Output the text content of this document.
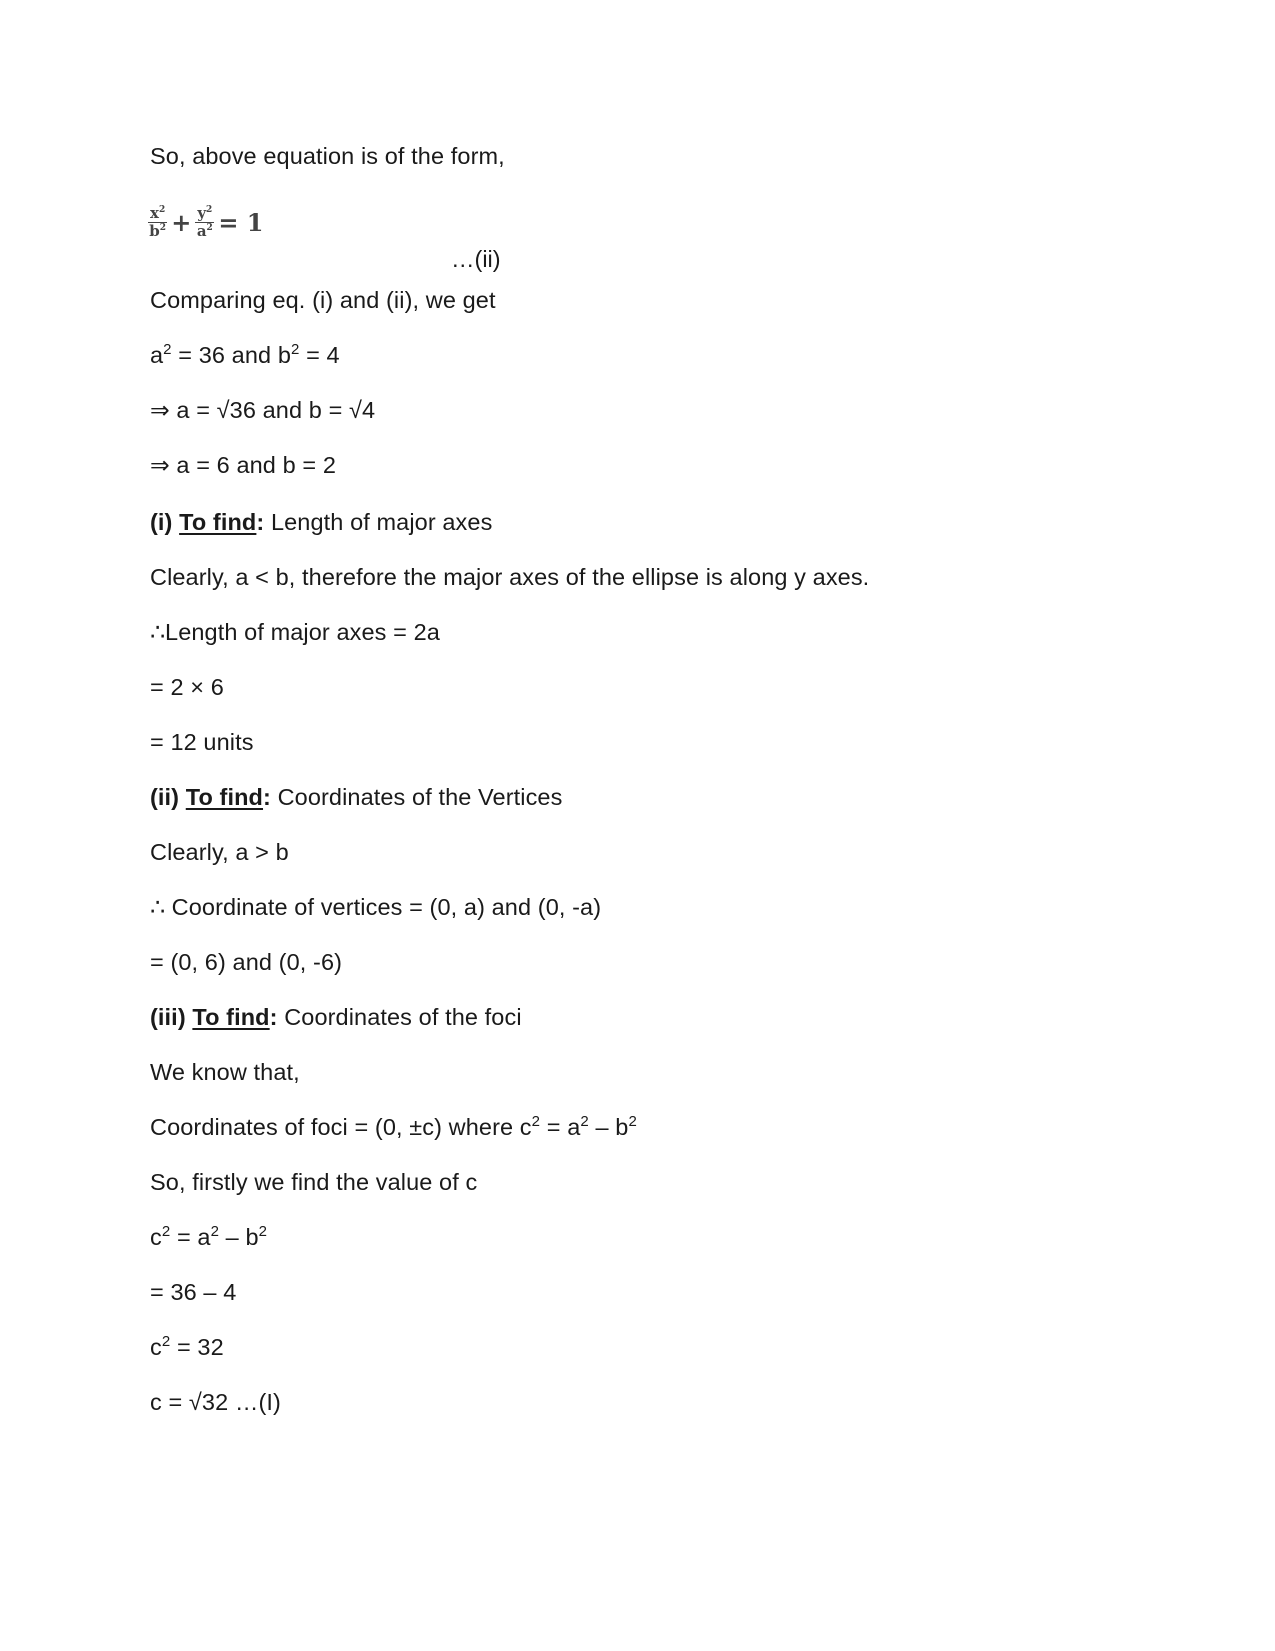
So, above equation is of the form,
$\frac{x^2}{b^2} + \frac{y^2}{a^2} = 1$
…(ii)
Comparing eq. (i) and (ii), we get
$a^2 = 36$ and $b^2 = 4$
⇒ a = √36 and b = √4
⇒ a = 6 and b = 2
(i) To find: Length of major axes
Clearly, a < b, therefore the major axes of the ellipse is along y axes.
∴Length of major axes = 2a
= 2 × 6
= 12 units
(ii) To find: Coordinates of the Vertices
Clearly, a > b
∴ Coordinate of vertices = (0, a) and (0, -a)
= (0, 6) and (0, -6)
(iii) To find: Coordinates of the foci
We know that,
Coordinates of foci = (0, ±c) where $c^2 = a^2 - b^2$
So, firstly we find the value of c
$c^2 = a^2 - b^2$
= 36 – 4
$c^2 = 32$
c = √32 …(I)
